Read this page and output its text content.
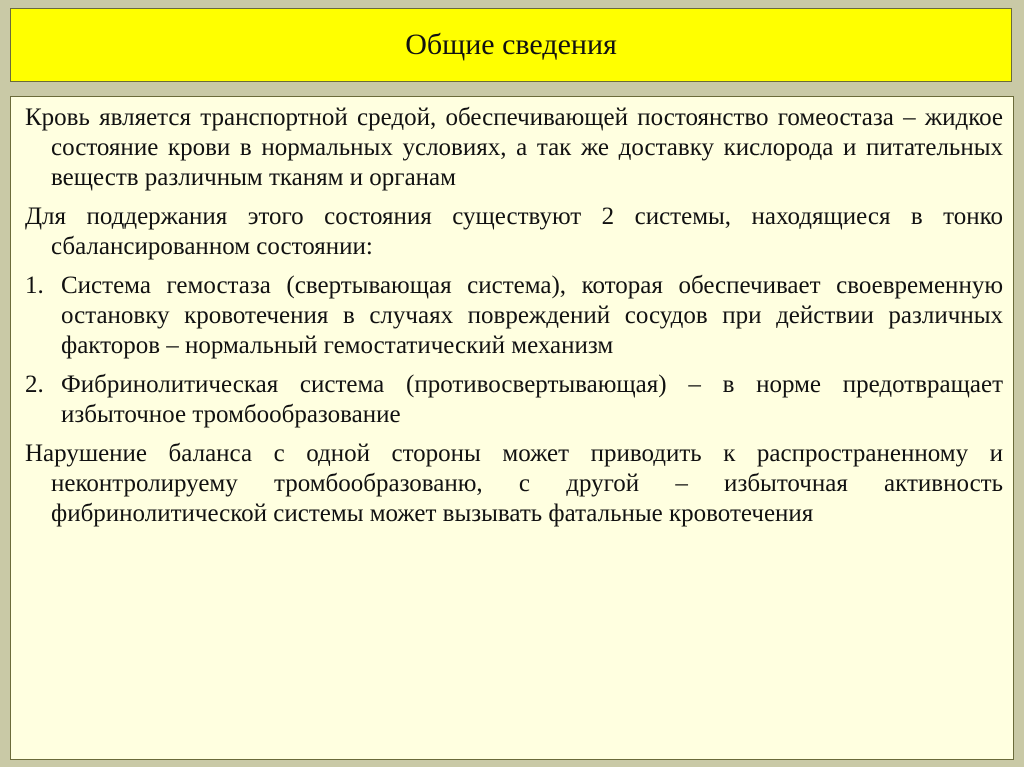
Общие сведения
Кровь является транспортной средой, обеспечивающей постоянство гомеостаза – жидкое состояние крови в нормальных условиях, а так же доставку кислорода и питательных веществ различным тканям и органам
Для поддержания этого состояния существуют 2 системы, находящиеся в тонко сбалансированном состоянии:
1. Система гемостаза (свертывающая система), которая обеспечивает своевременную остановку кровотечения в случаях повреждений сосудов при действии различных факторов – нормальный гемостатический механизм
2. Фибринолитическая система (противосвертывающая) – в норме предотвращает избыточное тромбообразование
Нарушение баланса с одной стороны может приводить к распространенному и неконтролируему тромбообразованю, с другой – избыточная активность фибринолитической системы может вызывать фатальные кровотечения
